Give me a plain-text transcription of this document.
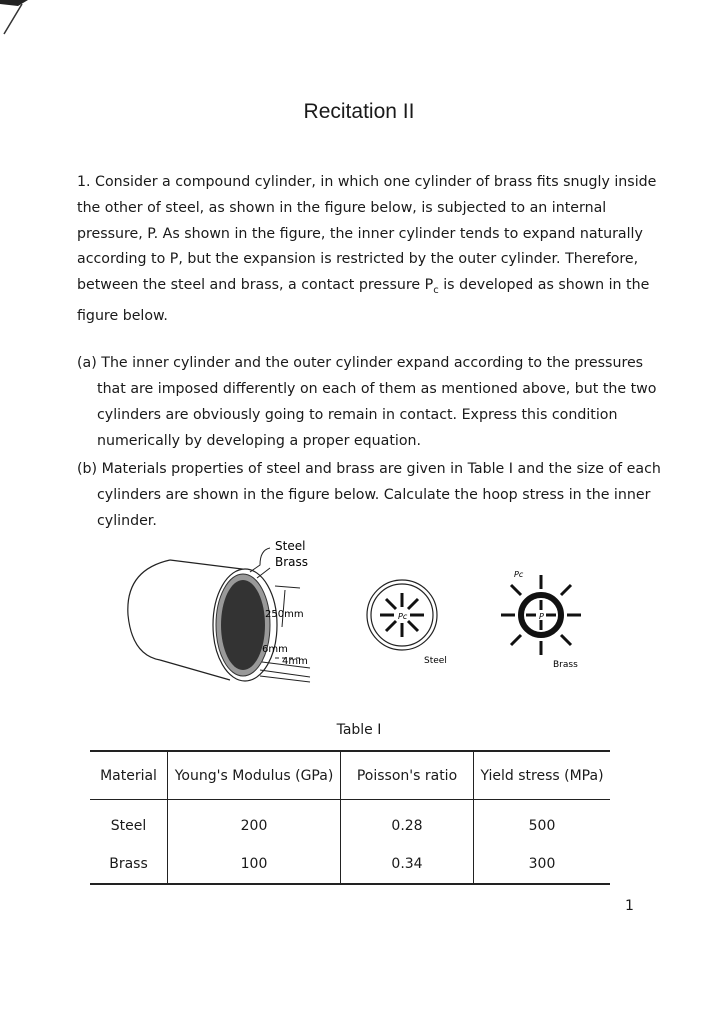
Recitation II
1. Consider a compound cylinder, in which one cylinder of brass fits snugly inside the other of steel, as shown in the figure below, is subjected to an internal pressure, P. As shown in the figure, the inner cylinder tends to expand naturally according to P, but the expansion is restricted by the outer cylinder. Therefore, between the steel and brass, a contact pressure $P_c$ is developed as shown in the figure below.
(a) The inner cylinder and the outer cylinder expand according to the pressures that are imposed differently on each of them as mentioned above, but the two cylinders are obviously going to remain in contact. Express this condition numerically by developing a proper equation.
(b) Materials properties of steel and brass are given in Table I and the size of each cylinders are shown in the figure below. Calculate the hoop stress in the inner cylinder.
Steel
Brass
250mm
6mm
4mm
Pc
Steel
P
Pc
Brass
Table I
Material	Young's Modulus (GPa)	Poisson's ratio	Yield stress (MPa)
Steel	200	0.28	500
Brass	100	0.34	300
1
